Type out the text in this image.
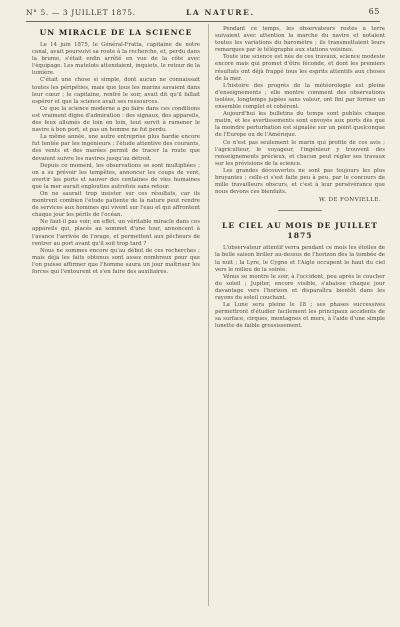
N° 5. — 3 JUILLET 1875.	LA NATURE.	65
UN MIRACLE DE LA SCIENCE

Le 14 juin 1875, le Général-Fratta, capitaine de notre canal, avait poursuivi sa route à la recherche, et, perdu dans la brume, s'était enfin arrêté en vue de la côte avec l'équipage. Les matelots attendaient, inquiets, le retour de la lumière.

C'était une chose si simple, dont aucun ne connaissait toutes les péripéties, mais que tous les marins savaient dans leur cœur ; le capitaine, rentré le soir, avait dit qu'il fallait espérer et que la science avait ses ressources.

Ce que la science moderne a pu faire dans ces conditions est vraiment digne d'admiration : des signaux, des appareils, des feux allumés de loin en loin, tout servit à ramener le navire à bon port, et pas un homme ne fut perdu.

La même année, une autre entreprise plus hardie encore fut tentée par les ingénieurs ; l'étude attentive des courants, des vents et des marées permit de tracer la route que devaient suivre les navires jusqu'au détroit.

Depuis ce moment, les observations se sont multipliées ; on a su prévoir les tempêtes, annoncer les coups de vent, avertir les ports et sauver des centaines de vies humaines que la mer aurait englouties autrefois sans retour.

On ne saurait trop insister sur ces résultats, car ils montrent combien l'étude patiente de la nature peut rendre de services aux hommes qui vivent sur l'eau et qui affrontent chaque jour les périls de l'océan.

Ne faut-il pas voir, en effet, un véritable miracle dans ces appareils qui, placés au sommet d'une tour, annoncent à l'avance l'arrivée de l'orage, et permettent aux pêcheurs de rentrer au port avant qu'il soit trop tard ?

Nous ne sommes encore qu'au début de ces recherches ; mais déjà les faits obtenus sont assez nombreux pour que l'on puisse affirmer que l'homme saura un jour maîtriser les forces qui l'entourent et s'en faire des auxiliaires.

Pendant ce temps, les observateurs restés à terre suivaient avec attention la marche du navire et notaient toutes les variations du baromètre ; ils transmettaient leurs remarques par le télégraphe aux stations voisines.

Toute une science est née de ces travaux, science modeste encore mais qui promet d'être féconde, et dont les premiers résultats ont déjà frappé tous les esprits attentifs aux choses de la mer.

L'histoire des progrès de la météorologie est pleine d'enseignements ; elle montre comment des observations isolées, longtemps jugées sans valeur, ont fini par former un ensemble complet et cohérent.

Aujourd'hui les bulletins du temps sont publiés chaque matin, et les avertissements sont envoyés aux ports dès que la moindre perturbation est signalée sur un point quelconque de l'Europe ou de l'Amérique.

Ce n'est pas seulement le marin qui profite de ces avis ; l'agriculteur, le voyageur, l'ingénieur y trouvent des renseignements précieux, et chacun peut régler ses travaux sur les prévisions de la science.

Les grandes découvertes ne sont pas toujours les plus bruyantes ; celle-ci s'est faite peu à peu, par le concours de mille travailleurs obscurs, et c'est à leur persévérance que nous devons ces bienfaits.

W. DE FONVIELLE.
LE CIEL AU MOIS DE JUILLET 1875

L'observateur attentif verra pendant ce mois les étoiles de la belle saison briller au-dessus de l'horizon dès la tombée de la nuit ; la Lyre, le Cygne et l'Aigle occupent le haut du ciel vers le milieu de la soirée.

Vénus se montre le soir, à l'occident, peu après le coucher du soleil ; Jupiter, encore visible, s'abaisse chaque jour davantage vers l'horizon et disparaîtra bientôt dans les rayons du soleil couchant.

La Lune sera pleine le 18 ; ses phases successives permettront d'étudier facilement les principaux accidents de sa surface, cirques, montagnes et mers, à l'aide d'une simple lunette de faible grossissement.
